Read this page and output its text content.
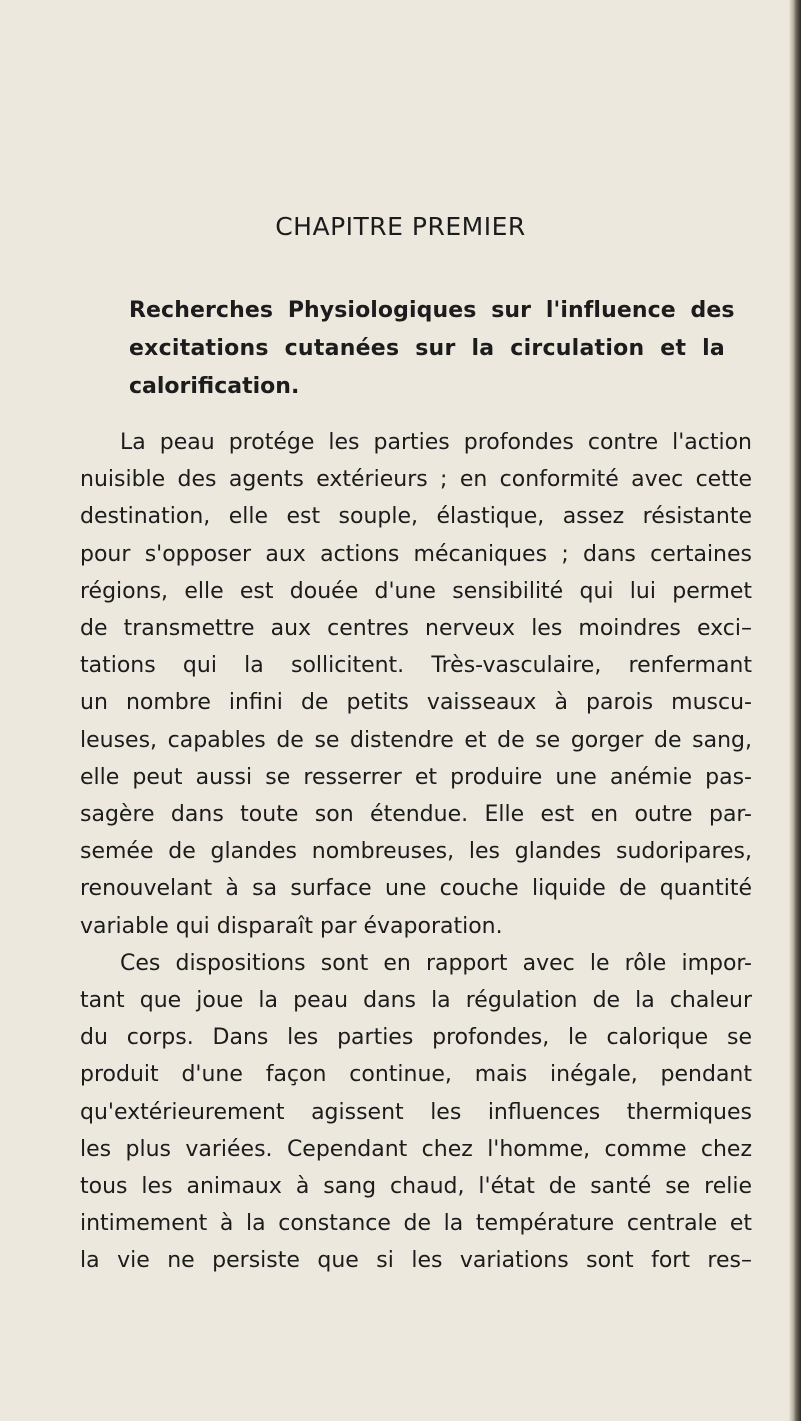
CHAPITRE PREMIER
Recherches Physiologiques sur l'influence des
excitations cutanées sur la circulation et la
calorification.
La peau protége les parties profondes contre l'action
nuisible des agents extérieurs ; en conformité avec cette
destination, elle est souple, élastique, assez résistante
pour s'opposer aux actions mécaniques ; dans certaines
régions, elle est douée d'une sensibilité qui lui permet
de transmettre aux centres nerveux les moindres exci–
tations qui la sollicitent. Très-vasculaire, renfermant
un nombre infini de petits vaisseaux à parois muscu-
leuses, capables de se distendre et de se gorger de sang,
elle peut aussi se resserrer et produire une anémie pas-
sagère dans toute son étendue. Elle est en outre par-
semée de glandes nombreuses, les glandes sudoripares,
renouvelant à sa surface une couche liquide de quantité
variable qui disparaît par évaporation.
Ces dispositions sont en rapport avec le rôle impor-
tant que joue la peau dans la régulation de la chaleur
du corps. Dans les parties profondes, le calorique se
produit d'une façon continue, mais inégale, pendant
qu'extérieurement agissent les influences thermiques
les plus variées. Cependant chez l'homme, comme chez
tous les animaux à sang chaud, l'état de santé se relie
intimement à la constance de la température centrale et
la vie ne persiste que si les variations sont fort res–
